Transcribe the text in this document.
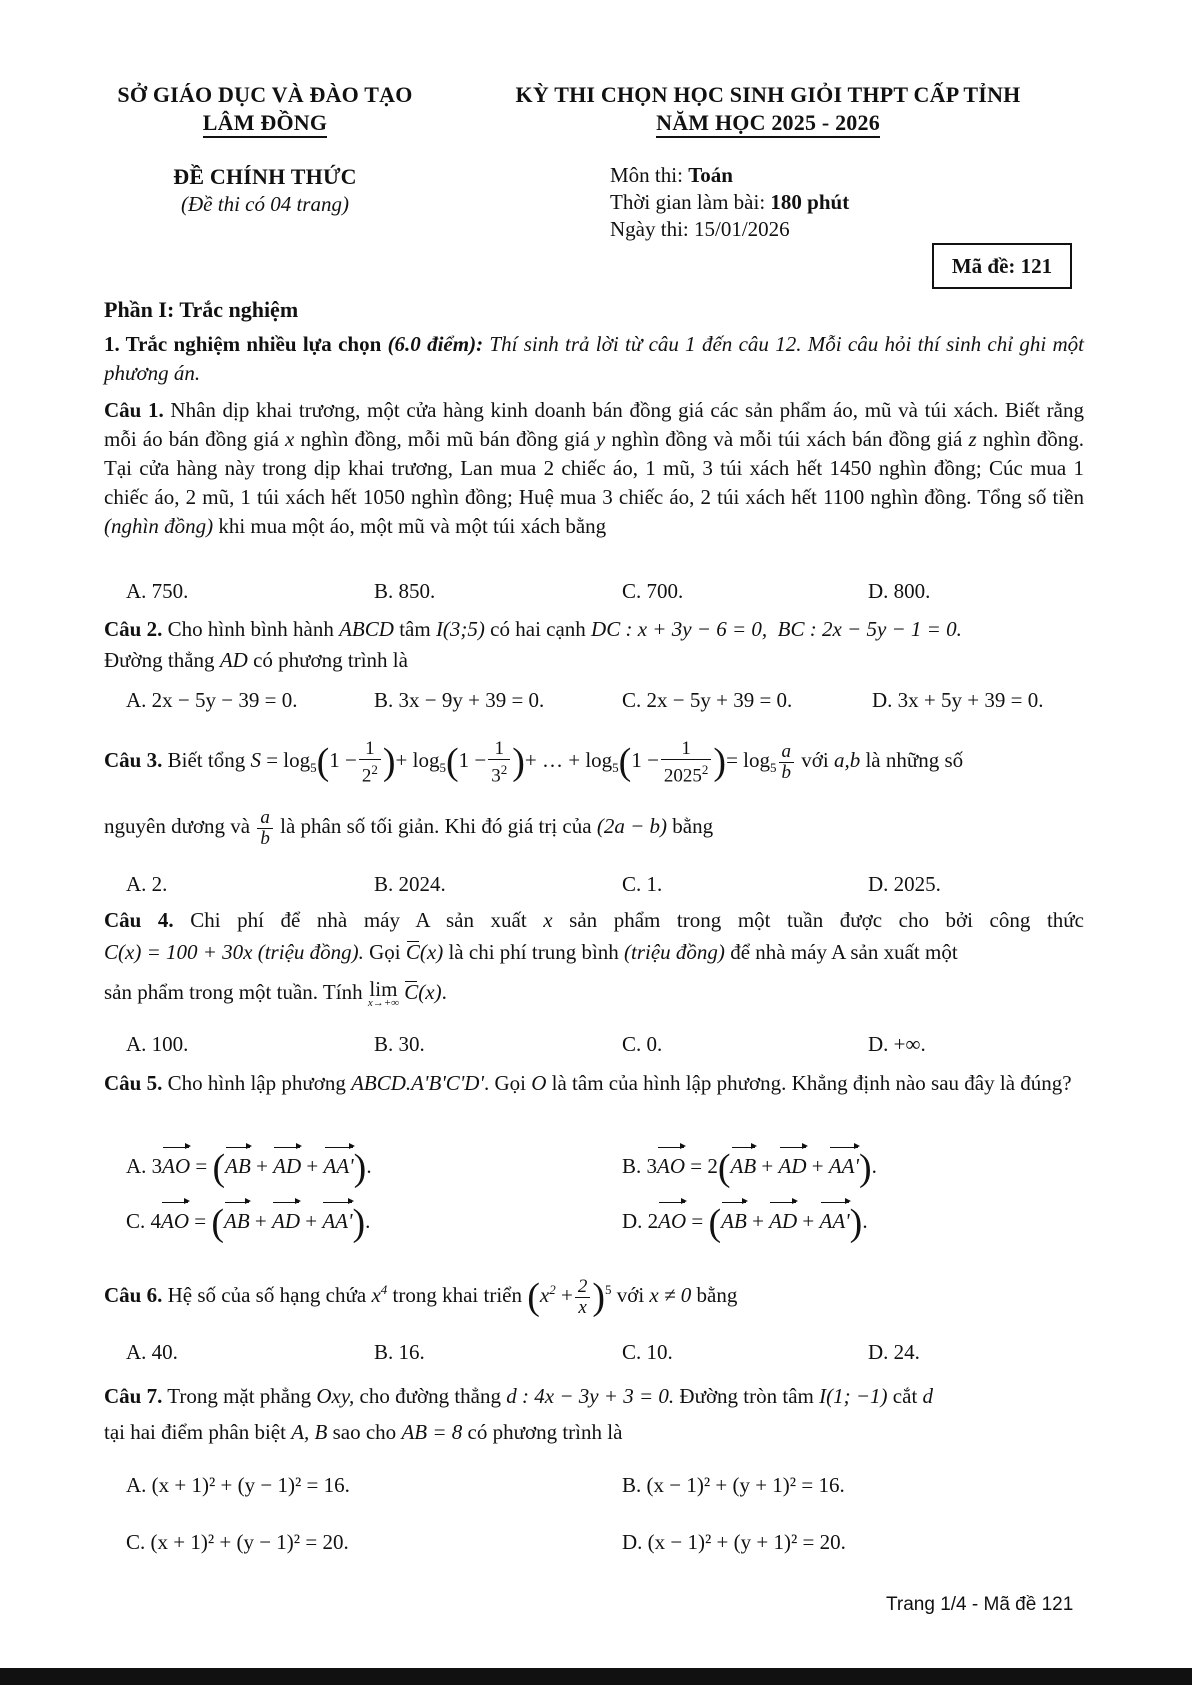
SỞ GIÁO DỤC VÀ ĐÀO TẠO
LÂM ĐỒNG
KỲ THI CHỌN HỌC SINH GIỎI THPT CẤP TỈNH
NĂM HỌC 2025 - 2026
ĐỀ CHÍNH THỨC
(Đề thi có 04 trang)
Môn thi: Toán
Thời gian làm bài: 180 phút
Ngày thi: 15/01/2026
Mã đề: 121
Phần I: Trắc nghiệm
1. Trắc nghiệm nhiều lựa chọn (6.0 điểm): Thí sinh trả lời từ câu 1 đến câu 12. Mỗi câu hỏi thí sinh chỉ ghi một phương án.
Câu 1. Nhân dịp khai trương, một cửa hàng kinh doanh bán đồng giá các sản phẩm áo, mũ và túi xách. Biết rằng mỗi áo bán đồng giá x nghìn đồng, mỗi mũ bán đồng giá y nghìn đồng và mỗi túi xách bán đồng giá z nghìn đồng. Tại cửa hàng này trong dịp khai trương, Lan mua 2 chiếc áo, 1 mũ, 3 túi xách hết 1450 nghìn đồng; Cúc mua 1 chiếc áo, 2 mũ, 1 túi xách hết 1050 nghìn đồng; Huệ mua 3 chiếc áo, 2 túi xách hết 1100 nghìn đồng. Tổng số tiền (nghìn đồng) khi mua một áo, một mũ và một túi xách bằng
A. 750.	B. 850.	C. 700.	D. 800.
Câu 2. Cho hình bình hành ABCD tâm I(3;5) có hai cạnh DC : x + 3y − 6 = 0, BC : 2x − 5y − 1 = 0.
Đường thẳng AD có phương trình là
A. 2x − 5y − 39 = 0.	B. 3x − 9y + 39 = 0.	C. 2x − 5y + 39 = 0.	D. 3x + 5y + 39 = 0.
Câu 3. Biết tổng $S = \log_5(1 - \frac{1}{2^2}$ )+ $\log_5(1 - \frac{1}{3^2}$ )+ … + $\log_5(1 - \frac{1}{2025^2}$ )= $\log_5 \frac{a}{b}$ với a,b là những số
nguyên dương và $\frac{a}{b}$ là phân số tối giản. Khi đó giá trị của (2a − b) bằng
A. 2.	B. 2024.	C. 1.	D. 2025.
Câu 4. Chi phí để nhà máy A sản xuất x sản phẩm trong một tuần được cho bởi công thức
C(x) = 100 + 30x (triệu đồng). Gọi C(x) là chi phí trung bình (triệu đồng) để nhà máy A sản xuất một
sản phẩm trong một tuần. Tính lim
x→+∞ C(x).
A. 100.	B. 30.	C. 0.	D. +∞.
Câu 5. Cho hình lập phương ABCD.A'B'C'D'. Gọi O là tâm của hình lập phương. Khẳng định nào sau đây là đúng?
A. 3AO = (AB + AD + AA').	B. 3AO = 2(AB + AD + AA').
C. 4AO = (AB + AD + AA').	D. 2AO = (AB + AD + AA').
Câu 6. Hệ số của số hạng chứa $x^4$ trong khai triển $(x^2 + \frac{2}{x} )^5$ với x ≠ 0 bằng
A. 40.	B. 16.	C. 10.	D. 24.
Câu 7. Trong mặt phẳng Oxy, cho đường thẳng d : 4x − 3y + 3 = 0. Đường tròn tâm I(1; −1) cắt d
tại hai điểm phân biệt A, B sao cho AB = 8 có phương trình là
A. (x + 1)² + (y − 1)² = 16.	B. (x − 1)² + (y + 1)² = 16.
C. (x + 1)² + (y − 1)² = 20.	D. (x − 1)² + (y + 1)² = 20.
Trang 1/4 - Mã đề 121
